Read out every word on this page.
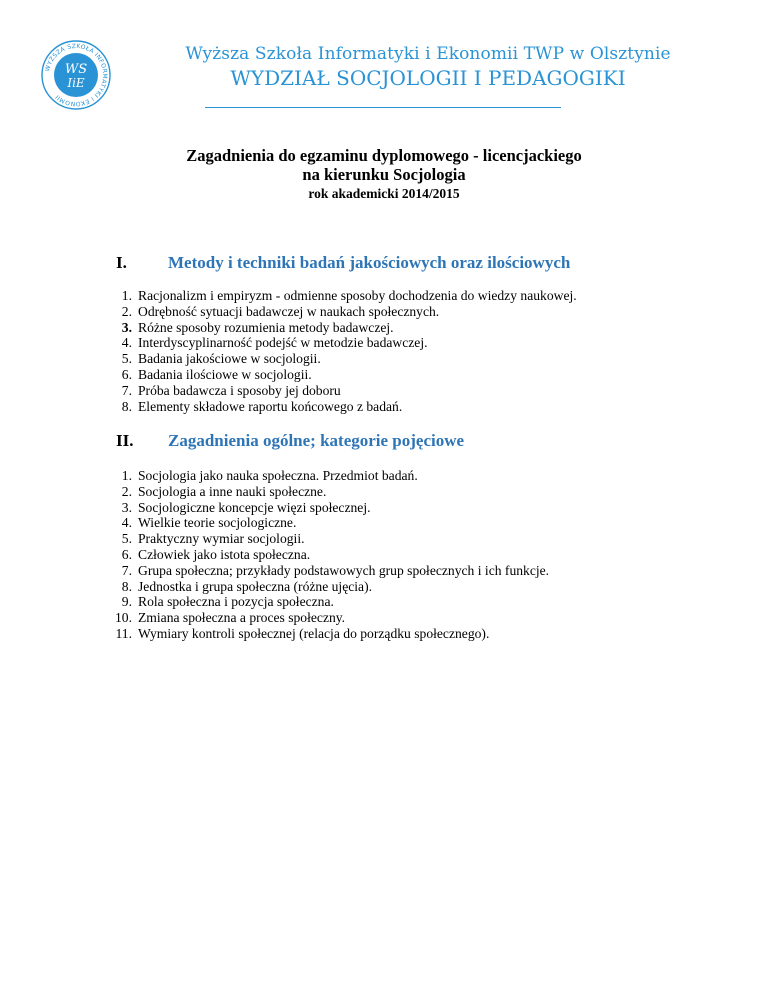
WYŻSZA SZKOŁA INFORMATYKI I EKONOMII
WS
IiE
Wyższa Szkoła Informatyki i Ekonomii TWP w Olsztynie
WYDZIAŁ SOCJOLOGII I PEDAGOGIKI
Zagadnienia do egzaminu dyplomowego - licencjackiego
na kierunku Socjologia
rok akademicki 2014/2015
I. Metody i techniki badań jakościowych oraz ilościowych
1. Racjonalizm i empiryzm - odmienne sposoby dochodzenia do wiedzy naukowej.
2. Odrębność sytuacji badawczej w naukach społecznych.
3. Różne sposoby rozumienia metody badawczej.
4. Interdyscyplinarność podejść w metodzie badawczej.
5. Badania jakościowe w socjologii.
6. Badania ilościowe w socjologii.
7. Próba badawcza i sposoby jej doboru
8. Elementy składowe raportu końcowego z badań.
II. Zagadnienia ogólne; kategorie pojęciowe
1. Socjologia jako nauka społeczna. Przedmiot badań.
2. Socjologia a inne nauki społeczne.
3. Socjologiczne koncepcje więzi społecznej.
4. Wielkie teorie socjologiczne.
5. Praktyczny wymiar socjologii.
6. Człowiek jako istota społeczna.
7. Grupa społeczna; przykłady podstawowych grup społecznych i ich funkcje.
8. Jednostka i grupa społeczna (różne ujęcia).
9. Rola społeczna i pozycja społeczna.
10. Zmiana społeczna a proces społeczny.
11. Wymiary kontroli społecznej (relacja do porządku społecznego).
